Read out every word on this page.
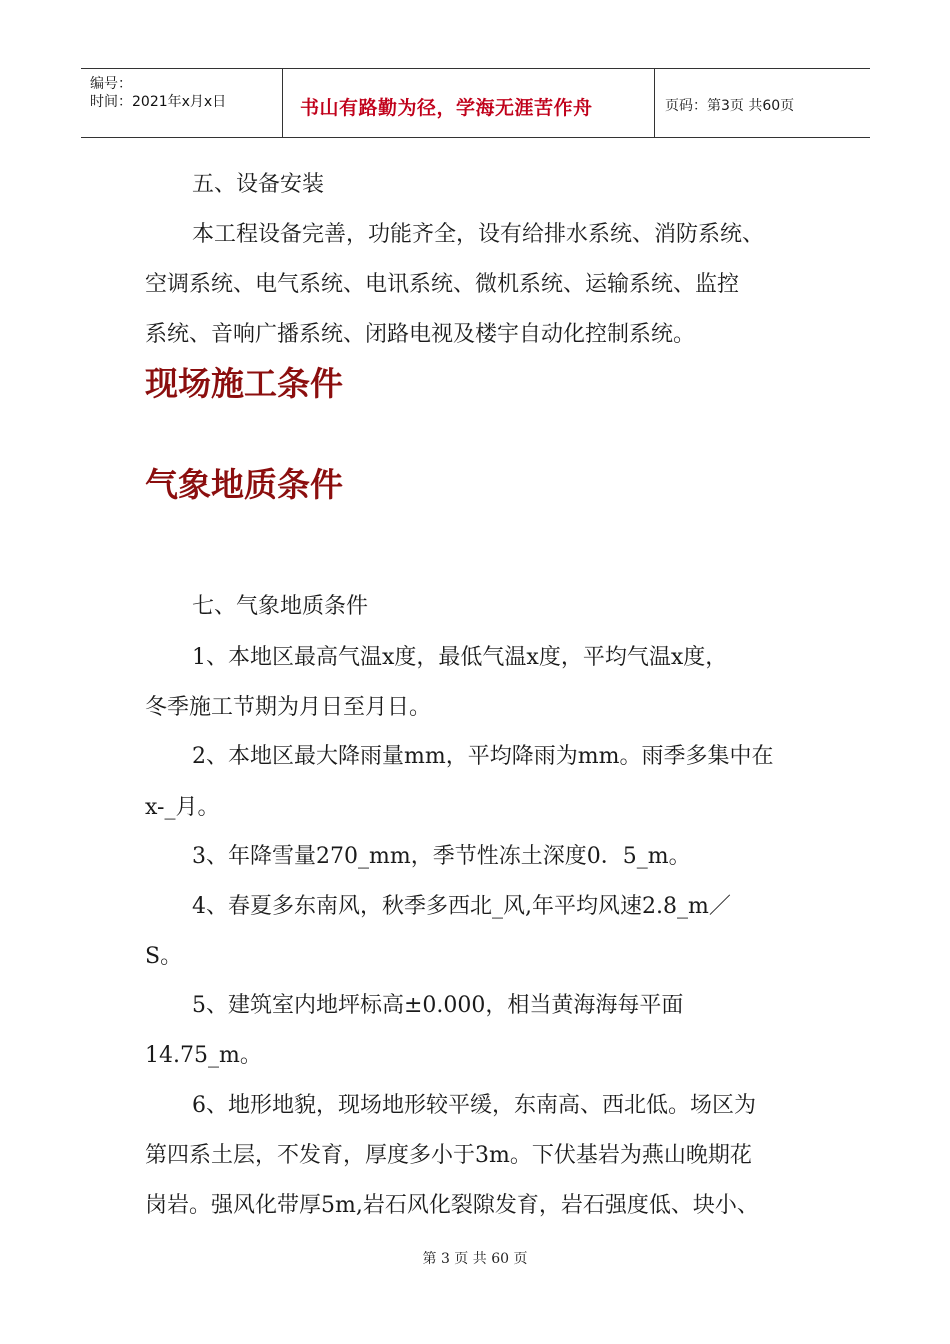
编号：
时间：2021年x月x日	书山有路勤为径，学海无涯苦作舟	页码：第3页 共60页
五、设备安装
本工程设备完善，功能齐全，设有给排水系统、消防系统、
空调系统、电气系统、电讯系统、微机系统、运输系统、监控
系统、音响广播系统、闭路电视及楼宇自动化控制系统。
现场施工条件
气象地质条件
七、气象地质条件
1、本地区最高气温x度，最低气温x度，平均气温x度，
冬季施工节期为月日至月日。
2、本地区最大降雨量mm，平均降雨为mm。雨季多集中在
x-_月。
3、年降雪量270_mm，季节性冻土深度0．5_m。
4、春夏多东南风，秋季多西北_风,年平均风速2.8_m／
S。
5、建筑室内地坪标高±0.000，相当黄海海每平面
14.75_m。
6、地形地貌，现场地形较平缓，东南高、西北低。场区为
第四系土层，不发育，厚度多小于3m。下伏基岩为燕山晚期花
岗岩。强风化带厚5m,岩石风化裂隙发育，岩石强度低、块小、
第 3 页 共 60 页
